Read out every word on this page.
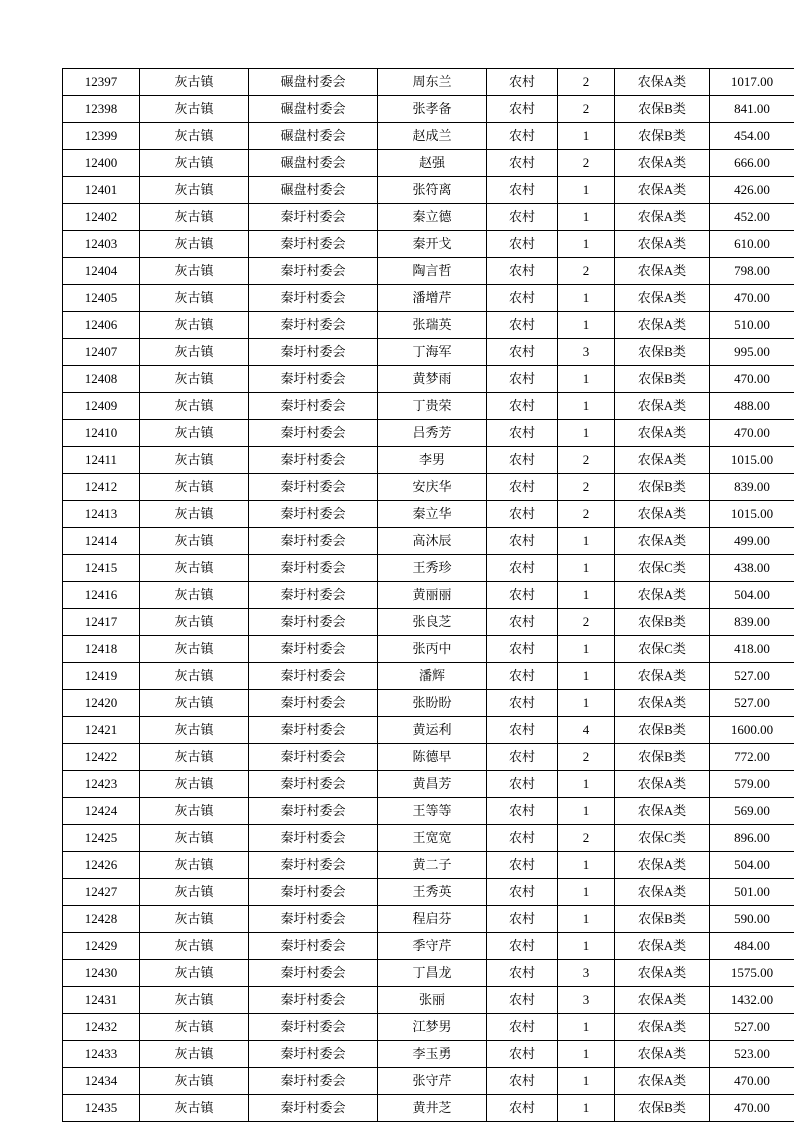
12397	灰古镇	碾盘村委会	周东兰	农村	2	农保A类	1017.00
12398	灰古镇	碾盘村委会	张孝备	农村	2	农保B类	841.00
12399	灰古镇	碾盘村委会	赵成兰	农村	1	农保B类	454.00
12400	灰古镇	碾盘村委会	赵强	农村	2	农保A类	666.00
12401	灰古镇	碾盘村委会	张符离	农村	1	农保A类	426.00
12402	灰古镇	秦圩村委会	秦立德	农村	1	农保A类	452.00
12403	灰古镇	秦圩村委会	秦开戈	农村	1	农保A类	610.00
12404	灰古镇	秦圩村委会	陶言哲	农村	2	农保A类	798.00
12405	灰古镇	秦圩村委会	潘增芹	农村	1	农保A类	470.00
12406	灰古镇	秦圩村委会	张瑞英	农村	1	农保A类	510.00
12407	灰古镇	秦圩村委会	丁海军	农村	3	农保B类	995.00
12408	灰古镇	秦圩村委会	黄梦雨	农村	1	农保B类	470.00
12409	灰古镇	秦圩村委会	丁贵荣	农村	1	农保A类	488.00
12410	灰古镇	秦圩村委会	吕秀芳	农村	1	农保A类	470.00
12411	灰古镇	秦圩村委会	李男	农村	2	农保A类	1015.00
12412	灰古镇	秦圩村委会	安庆华	农村	2	农保B类	839.00
12413	灰古镇	秦圩村委会	秦立华	农村	2	农保A类	1015.00
12414	灰古镇	秦圩村委会	高沐辰	农村	1	农保A类	499.00
12415	灰古镇	秦圩村委会	王秀珍	农村	1	农保C类	438.00
12416	灰古镇	秦圩村委会	黄丽丽	农村	1	农保A类	504.00
12417	灰古镇	秦圩村委会	张良芝	农村	2	农保B类	839.00
12418	灰古镇	秦圩村委会	张丙中	农村	1	农保C类	418.00
12419	灰古镇	秦圩村委会	潘辉	农村	1	农保A类	527.00
12420	灰古镇	秦圩村委会	张盼盼	农村	1	农保A类	527.00
12421	灰古镇	秦圩村委会	黄运利	农村	4	农保B类	1600.00
12422	灰古镇	秦圩村委会	陈德早	农村	2	农保B类	772.00
12423	灰古镇	秦圩村委会	黄昌芳	农村	1	农保A类	579.00
12424	灰古镇	秦圩村委会	王等等	农村	1	农保A类	569.00
12425	灰古镇	秦圩村委会	王宽宽	农村	2	农保C类	896.00
12426	灰古镇	秦圩村委会	黄二子	农村	1	农保A类	504.00
12427	灰古镇	秦圩村委会	王秀英	农村	1	农保A类	501.00
12428	灰古镇	秦圩村委会	程启芬	农村	1	农保B类	590.00
12429	灰古镇	秦圩村委会	季守芹	农村	1	农保A类	484.00
12430	灰古镇	秦圩村委会	丁昌龙	农村	3	农保A类	1575.00
12431	灰古镇	秦圩村委会	张丽	农村	3	农保A类	1432.00
12432	灰古镇	秦圩村委会	江梦男	农村	1	农保A类	527.00
12433	灰古镇	秦圩村委会	李玉勇	农村	1	农保A类	523.00
12434	灰古镇	秦圩村委会	张守芹	农村	1	农保A类	470.00
12435	灰古镇	秦圩村委会	黄井芝	农村	1	农保B类	470.00
